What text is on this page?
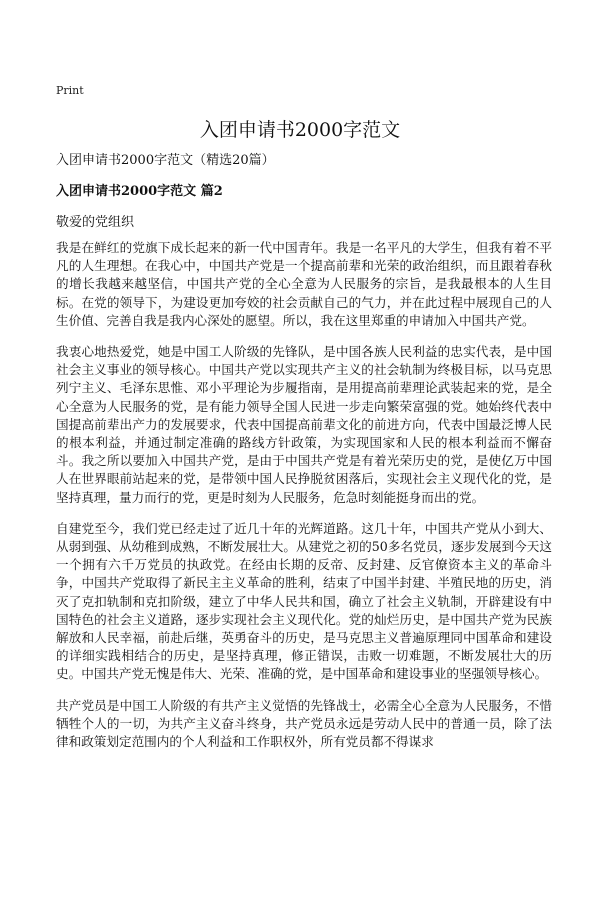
Print
入团申请书2000字范文

入团申请书2000字范文（精选20篇）

入团申请书2000字范文 篇2

敬爱的党组织

我是在鲜红的党旗下成长起来的新一代中国青年。我是一名平凡的大学生，但我有着不平凡的人生理想。在我心中，中国共产党是一个提高前辈和光荣的政治组织，而且跟着春秋的增长我越来越坚信，中国共产党的全心全意为人民服务的宗旨，是我最根本的人生目标。在党的领导下，为建设更加夸姣的社会贡献自己的气力，并在此过程中展现自己的人生价值、完善自我是我内心深处的愿望。所以，我在这里郑重的申请加入中国共产党。

我衷心地热爱党，她是中国工人阶级的先锋队，是中国各族人民利益的忠实代表，是中国社会主义事业的领导核心。中国共产党以实现共产主义的社会轨制为终极目标，以马克思列宁主义、毛泽东思惟、邓小平理论为步履指南，是用提高前辈理论武装起来的党，是全心全意为人民服务的党，是有能力领导全国人民进一步走向繁荣富强的党。她始终代表中国提高前辈出产力的发展要求，代表中国提高前辈文化的前进方向，代表中国最泛博人民的根本利益，并通过制定准确的路线方针政策，为实现国家和人民的根本利益而不懈奋斗。我之所以要加入中国共产党，是由于中国共产党是有着光荣历史的党，是使亿万中国人在世界眼前站起来的党，是带领中国人民挣脱贫困落后，实现社会主义现代化的党，是坚持真理，量力而行的党，更是时刻为人民服务，危急时刻能挺身而出的党。

自建党至今，我们党已经走过了近几十年的光辉道路。这几十年，中国共产党从小到大、从弱到强、从幼稚到成熟，不断发展壮大。从建党之初的50多名党员，逐步发展到今天这一个拥有六千万党员的执政党。在经由长期的反帝、反封建、反官僚资本主义的革命斗争，中国共产党取得了新民主主义革命的胜利，结束了中国半封建、半殖民地的历史，消灭了克扣轨制和克扣阶级，建立了中华人民共和国，确立了社会主义轨制，开辟建设有中国特色的社会主义道路，逐步实现社会主义现代化。党的灿烂历史，是中国共产党为民族解放和人民幸福，前赴后继，英勇奋斗的历史，是马克思主义普遍原理同中国革命和建设的详细实践相结合的历史，是坚持真理，修正错误，击败一切难题，不断发展壮大的历史。中国共产党无愧是伟大、光荣、准确的党，是中国革命和建设事业的坚强领导核心。

共产党员是中国工人阶级的有共产主义觉悟的先锋战士，必需全心全意为人民服务，不惜牺牲个人的一切，为共产主义奋斗终身，共产党员永远是劳动人民中的普通一员，除了法律和政策划定范围内的个人利益和工作职权外，所有党员都不得谋求
